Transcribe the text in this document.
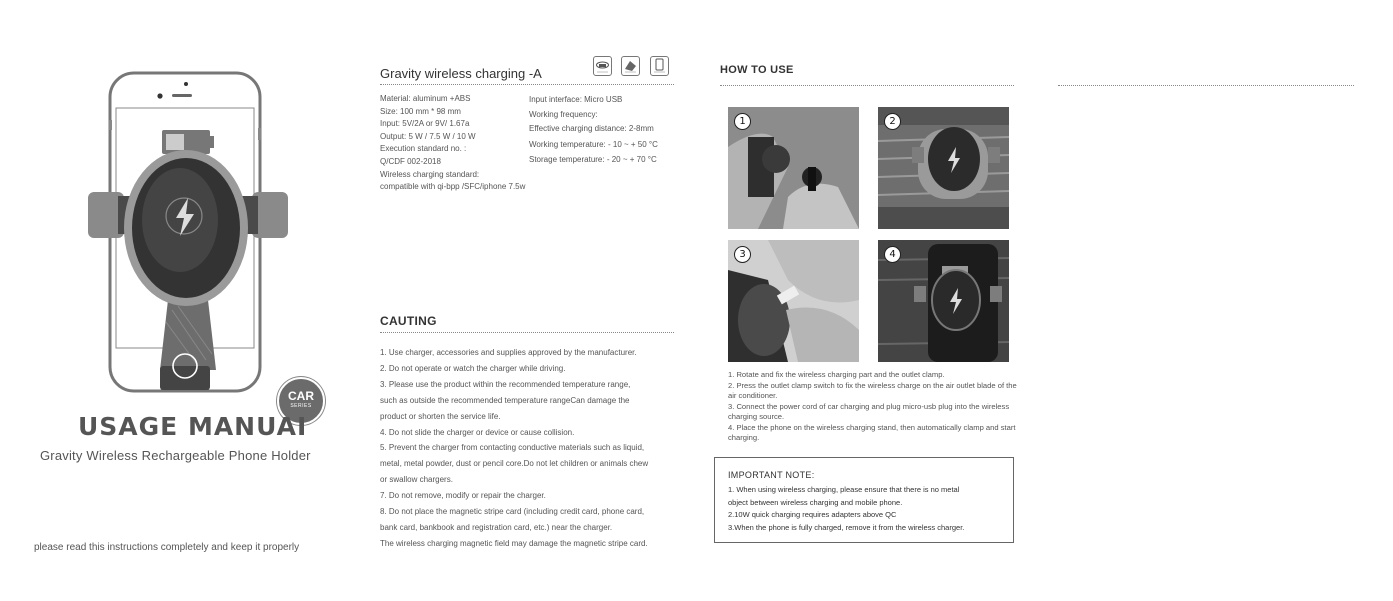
CAR
SERIES
USAGE MANUAI
Gravity Wireless Rechargeable Phone Holder
please read this instructions completely and keep it properly
Gravity wireless charging -A
Material: aluminum +ABS
Size: 100 mm * 98 mm
Input: 5V/2A or 9V/ 1.67a
Output: 5 W / 7.5 W / 10 W
Execution standard no. :
Q/CDF 002-2018
Wireless charging standard:
compatible with qi-bpp /SFC/iphone 7.5w
Input interface: Micro USB
Working frequency:
Effective charging distance: 2-8mm
Working temperature: - 10 ~ + 50 °C
Storage temperature: - 20 ~ + 70 °C
CAUTING
1. Use charger, accessories and supplies approved by the manufacturer.
2. Do not operate or watch the charger while driving.
3. Please use the product within the recommended temperature range,
such as outside the recommended temperature rangeCan damage the
product or shorten the service life.
4. Do not slide the charger or device or cause collision.
5. Prevent the charger from contacting conductive materials such as liquid,
metal, metal powder, dust or pencil core.Do not let children or animals chew
or swallow chargers.
7. Do not remove, modify or repair the charger.
8. Do not place the magnetic stripe card (including credit card, phone card,
bank card, bankbook and registration card, etc.) near the charger.
The wireless charging magnetic field may damage the magnetic stripe card.
HOW TO USE
1	2
3	4
1. Rotate and fix the wireless charging part and the outlet clamp.
2. Press the outlet clamp switch to fix the wireless charge on the air outlet blade of the air conditioner.
3. Connect the power cord of car charging and plug micro-usb plug into the wireless charging source.
4. Place the phone on the wireless charging stand, then automatically clamp and start charging.
IMPORTANT NOTE:
1. When using wireless charging, please ensure that there is no metal
object between wireless charging and mobile phone.
2.10W quick charging requires adapters above QC
3.When the phone is fully charged, remove it from the wireless charger.
